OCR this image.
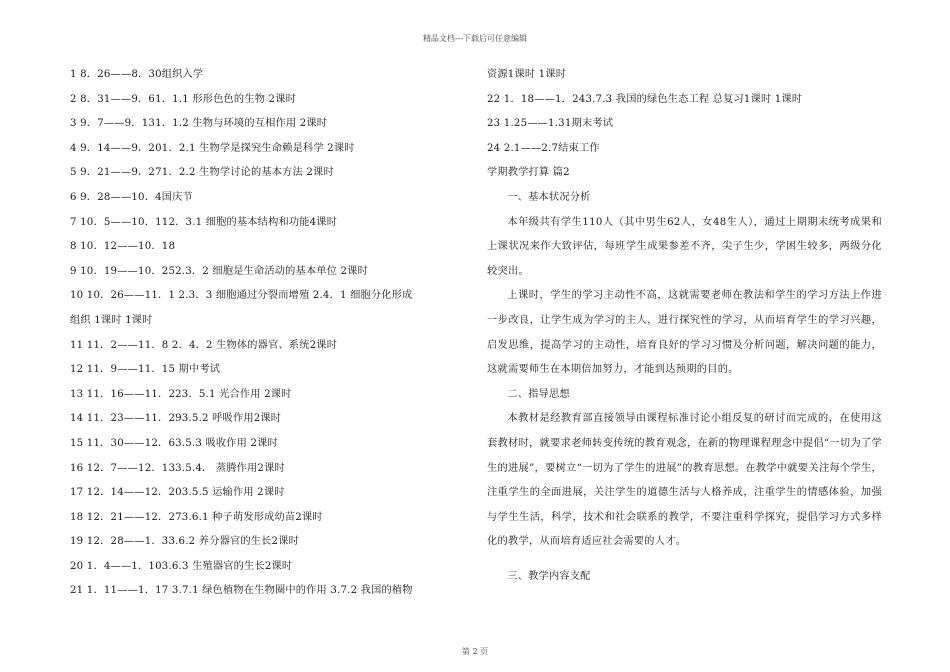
精品文档---下载后可任意编辑
1 8．26——8．30组织入学
2 8．31——9．61．1.1 形形色色的生物 2课时
3 9．7——9．131．1.2 生物与环境的互相作用 2课时
4 9．14——9．201．2.1 生物学是探究生命赖是科学 2课时
5 9．21——9．271．2.2 生物学讨论的基本方法 2课时
6 9．28——10．4国庆节
7 10．5——10．112．3.1 细胞的基本结构和功能4课时
8 10．12——10．18
9 10．19——10．252.3．2 细胞是生命活动的基本单位 2课时
10 10．26——11．1 2.3．3 细胞通过分裂而增殖 2.4．1 细胞分化形成
组织 1课时 1课时
11 11．2——11．8 2．4．2 生物体的器官、系统2课时
12 11．9——11．15 期中考试
13 11．16——11．223．5.1 光合作用 2课时
14 11．23——11．293.5.2 呼吸作用2课时
15 11．30——12．63.5.3 吸收作用 2课时
16 12．7——12．133.5.4． 蒸腾作用2课时
17 12．14——12．203.5.5 运输作用 2课时
18 12．21——12．273.6.1 种子萌发形成幼苗2课时
19 12．28——1．33.6.2 养分器官的生长2课时
20 1．4——1．103.6.3 生殖器官的生长2课时
21 1．11——1．17 3.7.1 绿色植物在生物圈中的作用 3.7.2 我国的植物
资源1课时 1课时
22 1．18——1．243.7.3 我国的绿色生态工程 总复习1课时 1课时
23 1.25——1.31期末考试
24 2.1——2.7结束工作
学期教学打算 篇2
一、基本状况分析

本年级共有学生110人（其中男生62人，女48生人），通过上期期末统考成果和上课状况来作大致评估，每班学生成果参差不齐，尖子生少，学困生较多，两级分化较突出。

上课时，学生的学习主动性不高，这就需要老师在教法和学生的学习方法上作进一步改良，让学生成为学习的主人，进行探究性的学习，从而培育学生的学习兴趣，启发思维，提高学习的主动性，培育良好的学习习惯及分析问题，解决问题的能力，这就需要师生在本期倍加努力，才能到达预期的目的。

二、指导思想

本教材是经教育部直接领导由课程标准讨论小组反复的研讨而完成的，在使用这套教材时，就要求老师转变传统的教育观念，在新的物理课程理念中提倡“一切为了学生的进展”，要树立“一切为了学生的进展”的教育思想。在教学中就要关注每个学生，注重学生的全面进展，关注学生的道德生活与人格养成，注重学生的情感体验，加强与学生生活，科学，技术和社会联系的教学，不要注重科学探究，提倡学习方式多样化的教学，从而培育适应社会需要的人才。

三、教学内容支配
第 2 页
